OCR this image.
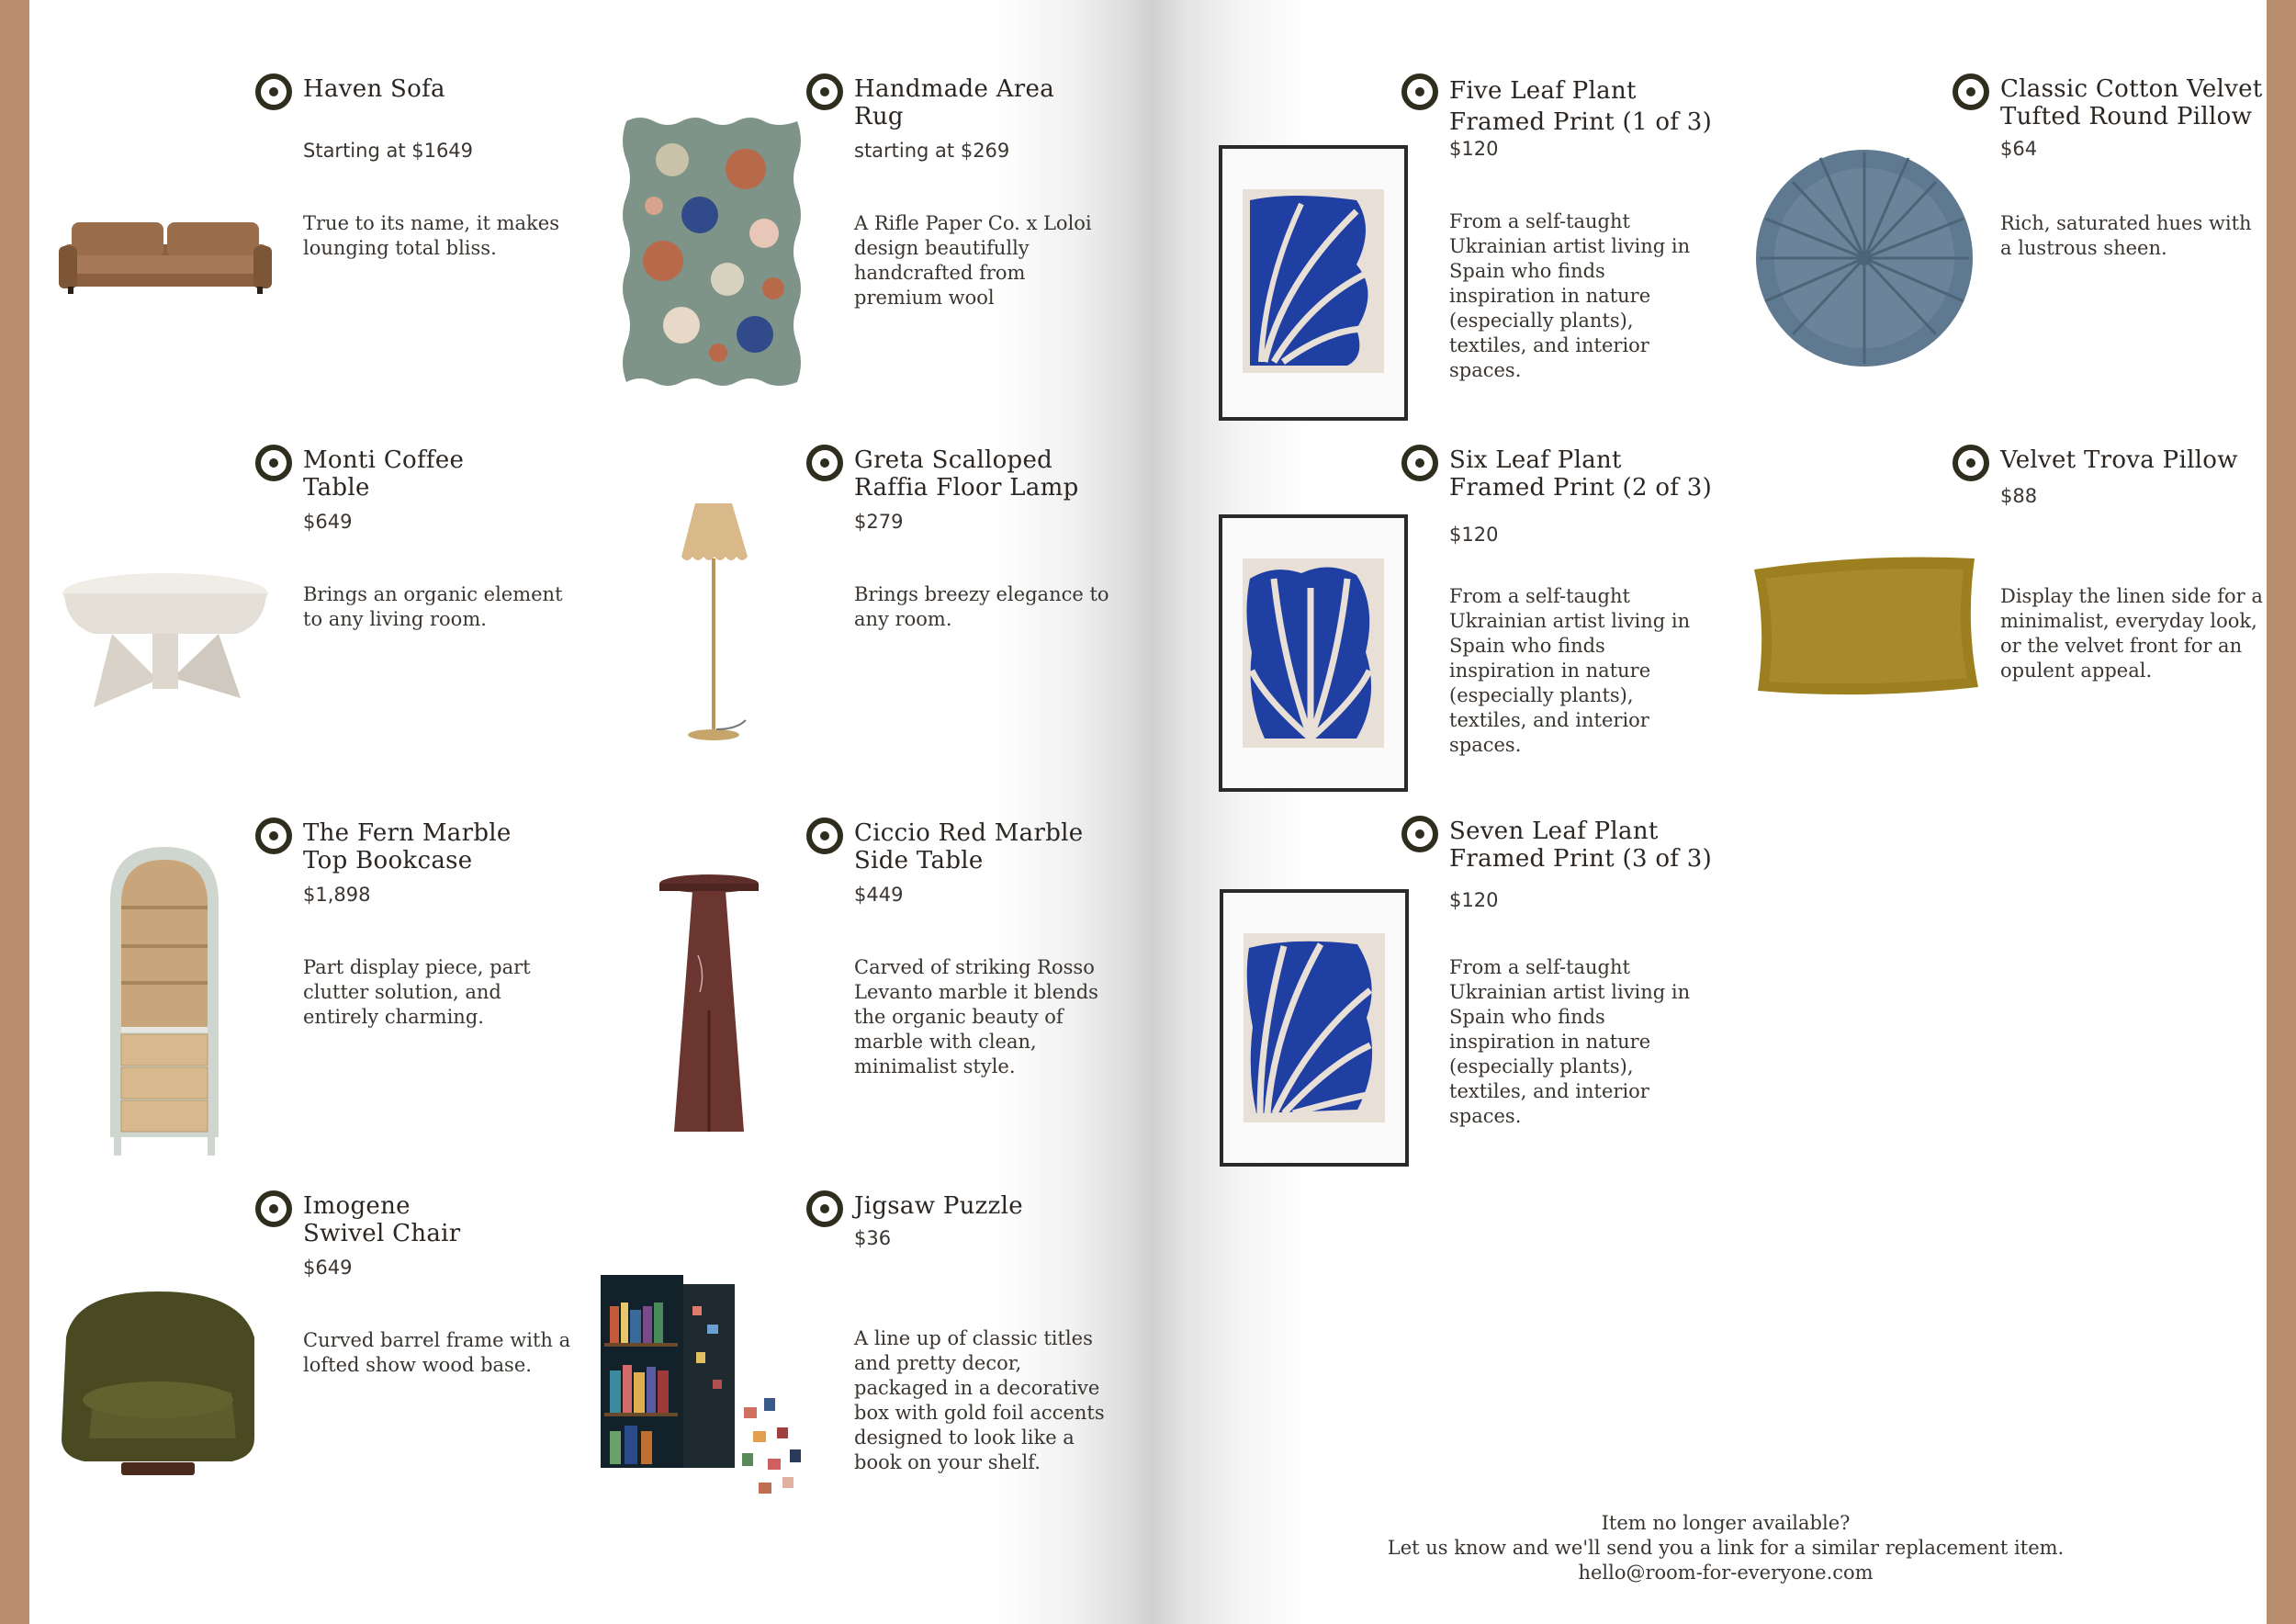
Haven Sofa
Starting at $1649
True to its name, it makes lounging total bliss.
Handmade Area Rug
starting at $269
A Rifle Paper Co. x Loloi design beautifully handcrafted from premium wool
Monti Coffee Table
$649
Brings an organic element to any living room.
Greta Scalloped Raffia Floor Lamp
$279
Brings breezy elegance to any room.
The Fern Marble Top Bookcase
$1,898
Part display piece, part clutter solution, and entirely charming.
Ciccio Red Marble Side Table
$449
Carved of striking Rosso Levanto marble it blends the organic beauty of marble with clean, minimalist style.
Imogene Swivel Chair
$649
Curved barrel frame with a lofted show wood base.
Jigsaw Puzzle
$36
A line up of classic titles and pretty decor, packaged in a decorative box with gold foil accents designed to look like a book on your shelf.
Five Leaf Plant Framed Print (1 of 3)
$120
From a self-taught Ukrainian artist living in Spain who finds inspiration in nature (especially plants), textiles, and interior spaces.
Classic Cotton Velvet Tufted Round Pillow
$64
Rich, saturated hues with a lustrous sheen.
Six Leaf Plant Framed Print (2 of 3)
$120
From a self-taught Ukrainian artist living in Spain who finds inspiration in nature (especially plants), textiles, and interior spaces.
Velvet Trova Pillow
$88
Display the linen side for a minimalist, everyday look, or the velvet front for an opulent appeal.
Seven Leaf Plant Framed Print (3 of 3)
$120
From a self-taught Ukrainian artist living in Spain who finds inspiration in nature (especially plants), textiles, and interior spaces.
Item no longer available?
Let us know and we'll send you a link for a similar replacement item.
hello@room-for-everyone.com
